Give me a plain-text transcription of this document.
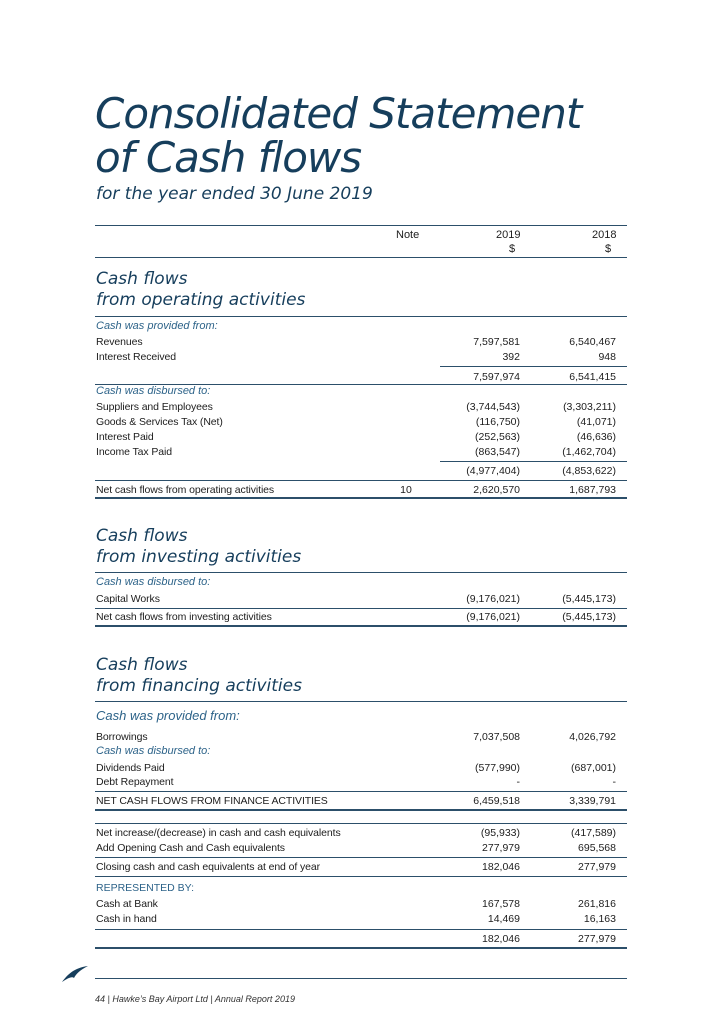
Consolidated Statement
of Cash flows
for the year ended 30 June 2019
Note	2019	2018
$	$
Cash flows
from operating activities
Cash was provided from:
Revenues	7,597,581	6,540,467
Interest Received	392	948
7,597,974	6,541,415
Cash was disbursed to:
Suppliers and Employees	(3,744,543)	(3,303,211)
Goods & Services Tax (Net)	(116,750)	(41,071)
Interest Paid	(252,563)	(46,636)
Income Tax Paid	(863,547)	(1,462,704)
(4,977,404)	(4,853,622)
Net cash flows from operating activities	10	2,620,570	1,687,793
Cash flows
from investing activities
Cash was disbursed to:
Capital Works	(9,176,021)	(5,445,173)
Net cash flows from investing activities	(9,176,021)	(5,445,173)
Cash flows
from financing activities
Cash was provided from:
Borrowings	7,037,508	4,026,792
Cash was disbursed to:
Dividends Paid	(577,990)	(687,001)
Debt Repayment	-	-
NET CASH FLOWS FROM FINANCE ACTIVITIES	6,459,518	3,339,791
Net increase/(decrease) in cash and cash equivalents	(95,933)	(417,589)
Add Opening Cash and Cash equivalents	277,979	695,568
Closing cash and cash equivalents at end of year	182,046	277,979
REPRESENTED BY:
Cash at Bank	167,578	261,816
Cash in hand	14,469	16,163
182,046	277,979
44 | Hawke’s Bay Airport Ltd | Annual Report 2019
